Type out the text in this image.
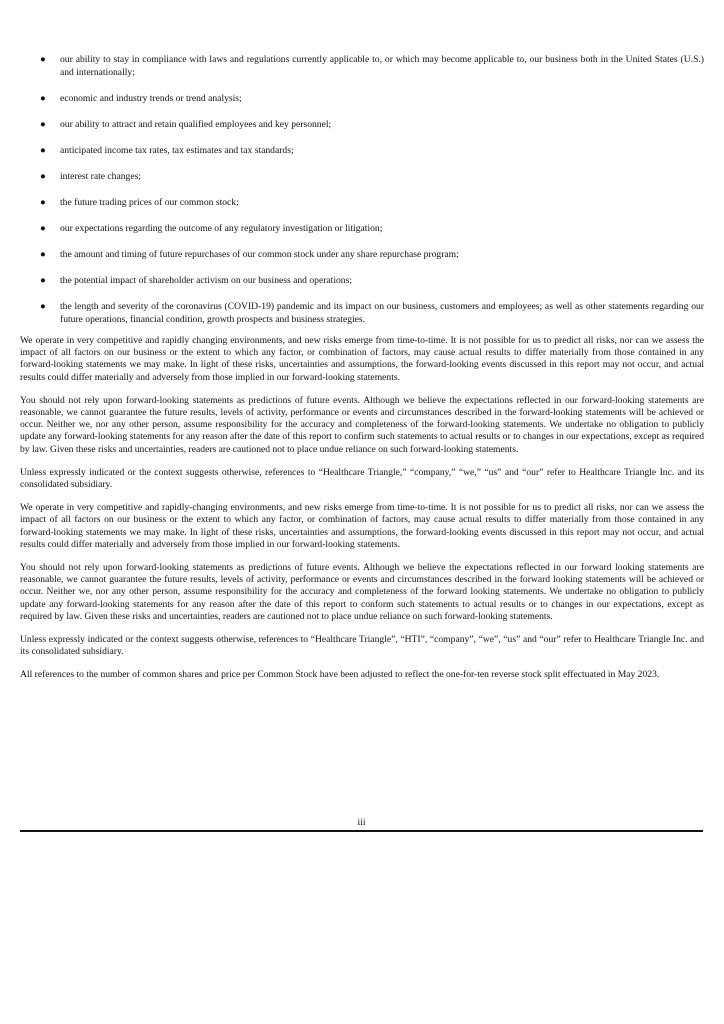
● our ability to stay in compliance with laws and regulations currently applicable to, or which may become applicable to, our business both in the United States (U.S.) and internationally;
● economic and industry trends or trend analysis;
● our ability to attract and retain qualified employees and key personnel;
● anticipated income tax rates, tax estimates and tax standards;
● interest rate changes;
● the future trading prices of our common stock;
● our expectations regarding the outcome of any regulatory investigation or litigation;
● the amount and timing of future repurchases of our common stock under any share repurchase program;
● the potential impact of shareholder activism on our business and operations;
● the length and severity of the coronavirus (COVID-19) pandemic and its impact on our business, customers and employees; as well as other statements regarding our future operations, financial condition, growth prospects and business strategies.

We operate in very competitive and rapidly changing environments, and new risks emerge from time-to-time. It is not possible for us to predict all risks, nor can we assess the impact of all factors on our business or the extent to which any factor, or combination of factors, may cause actual results to differ materially from those contained in any forward-looking statements we may make. In light of these risks, uncertainties and assumptions, the forward-looking events discussed in this report may not occur, and actual results could differ materially and adversely from those implied in our forward-looking statements.

You should not rely upon forward-looking statements as predictions of future events. Although we believe the expectations reflected in our forward-looking statements are reasonable, we cannot guarantee the future results, levels of activity, performance or events and circumstances described in the forward-looking statements will be achieved or occur. Neither we, nor any other person, assume responsibility for the accuracy and completeness of the forward-looking statements. We undertake no obligation to publicly update any forward-looking statements for any reason after the date of this report to confirm such statements to actual results or to changes in our expectations, except as required by law. Given these risks and uncertainties, readers are cautioned not to place undue reliance on such forward-looking statements.

Unless expressly indicated or the context suggests otherwise, references to “Healthcare Triangle,” “company,” “we,” “us” and “our” refer to Healthcare Triangle Inc. and its consolidated subsidiary.

We operate in very competitive and rapidly-changing environments, and new risks emerge from time-to-time. It is not possible for us to predict all risks, nor can we assess the impact of all factors on our business or the extent to which any factor, or combination of factors, may cause actual results to differ materially from those contained in any forward-looking statements we may make. In light of these risks, uncertainties and assumptions, the forward-looking events discussed in this report may not occur, and actual results could differ materially and adversely from those implied in our forward-looking statements.

You should not rely upon forward-looking statements as predictions of future events. Although we believe the expectations reflected in our forward looking statements are reasonable, we cannot guarantee the future results, levels of activity, performance or events and circumstances described in the forward looking statements will be achieved or occur. Neither we, nor any other person, assume responsibility for the accuracy and completeness of the forward looking statements. We undertake no obligation to publicly update any forward-looking statements for any reason after the date of this report to conform such statements to actual results or to changes in our expectations, except as required by law. Given these risks and uncertainties, readers are cautioned not to place undue reliance on such forward-looking statements.

Unless expressly indicated or the context suggests otherwise, references to “Healthcare Triangle”, “HTI”, “company”, “we”, “us” and “our” refer to Healthcare Triangle Inc. and its consolidated subsidiary.

All references to the number of common shares and price per Common Stock have been adjusted to reflect the one-for-ten reverse stock split effectuated in May 2023.

iii
